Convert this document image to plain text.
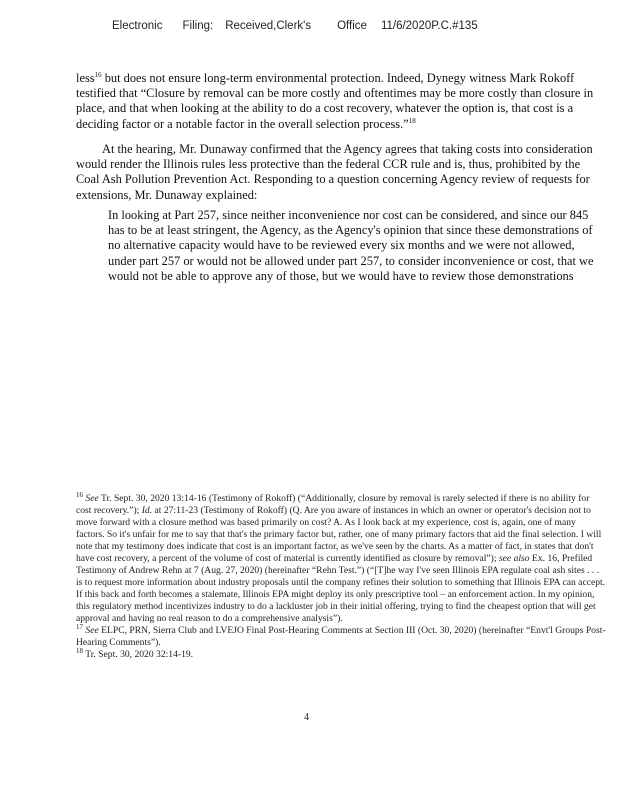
Electronic Filing: Received,Clerk's Office 11/6/2020P.C.#135

less$^{16}$ but does not ensure long-term environmental protection. Indeed, Dynegy witness Mark Rokoff testified that “Closure by removal can be more costly and oftentimes may be more costly than closure in place, and that when looking at the ability to do a cost recovery, whatever the option is, that cost is a deciding factor or a notable factor in the overall selection process.”$^{18}$

At the hearing, Mr. Dunaway confirmed that the Agency agrees that taking costs into consideration would render the Illinois rules less protective than the federal CCR rule and is, thus, prohibited by the Coal Ash Pollution Prevention Act. Responding to a question concerning Agency review of requests for extensions, Mr. Dunaway explained:

In looking at Part 257, since neither inconvenience nor cost can be considered, and since our 845 has to be at least stringent, the Agency, as the Agency's opinion that since these demonstrations of no alternative capacity would have to be reviewed every six months and we were not allowed, under part 257 or would not be allowed under part 257, to consider inconvenience or cost, that we would not be able to approve any of those, but we would have to review those demonstrations

$^{16}$ See Tr. Sept. 30, 2020 13:14-16 (Testimony of Rokoff) (“Additionally, closure by removal is rarely selected if there is no ability for cost recovery.”); Id. at 27:11-23 (Testimony of Rokoff) (Q. Are you aware of instances in which an owner or operator's decision not to move forward with a closure method was based primarily on cost? A. As I look back at my experience, cost is, again, one of many factors. So it's unfair for me to say that that's the primary factor but, rather, one of many primary factors that aid the final selection. I will note that my testimony does indicate that cost is an important factor, as we've seen by the charts. As a matter of fact, in states that don't have cost recovery, a percent of the volume of cost of material is currently identified as closure by removal”); see also Ex. 16, Prefiled Testimony of Andrew Rehn at 7 (Aug. 27, 2020) (hereinafter “Rehn Test.”) (“[T]he way I've seen Illinois EPA regulate coal ash sites . . . is to request more information about industry proposals until the company refines their solution to something that Illinois EPA can accept. If this back and forth becomes a stalemate, Illinois EPA might deploy its only prescriptive tool – an enforcement action. In my opinion, this regulatory method incentivizes industry to do a lackluster job in their initial offering, trying to find the cheapest option that will get approval and having no real reason to do a comprehensive analysis”).

$^{17}$ See ELPC, PRN, Sierra Club and LVEJO Final Post-Hearing Comments at Section III (Oct. 30, 2020) (hereinafter “Envt'l Groups Post-Hearing Comments”).

$^{18}$ Tr. Sept. 30, 2020 32:14-19.

4
